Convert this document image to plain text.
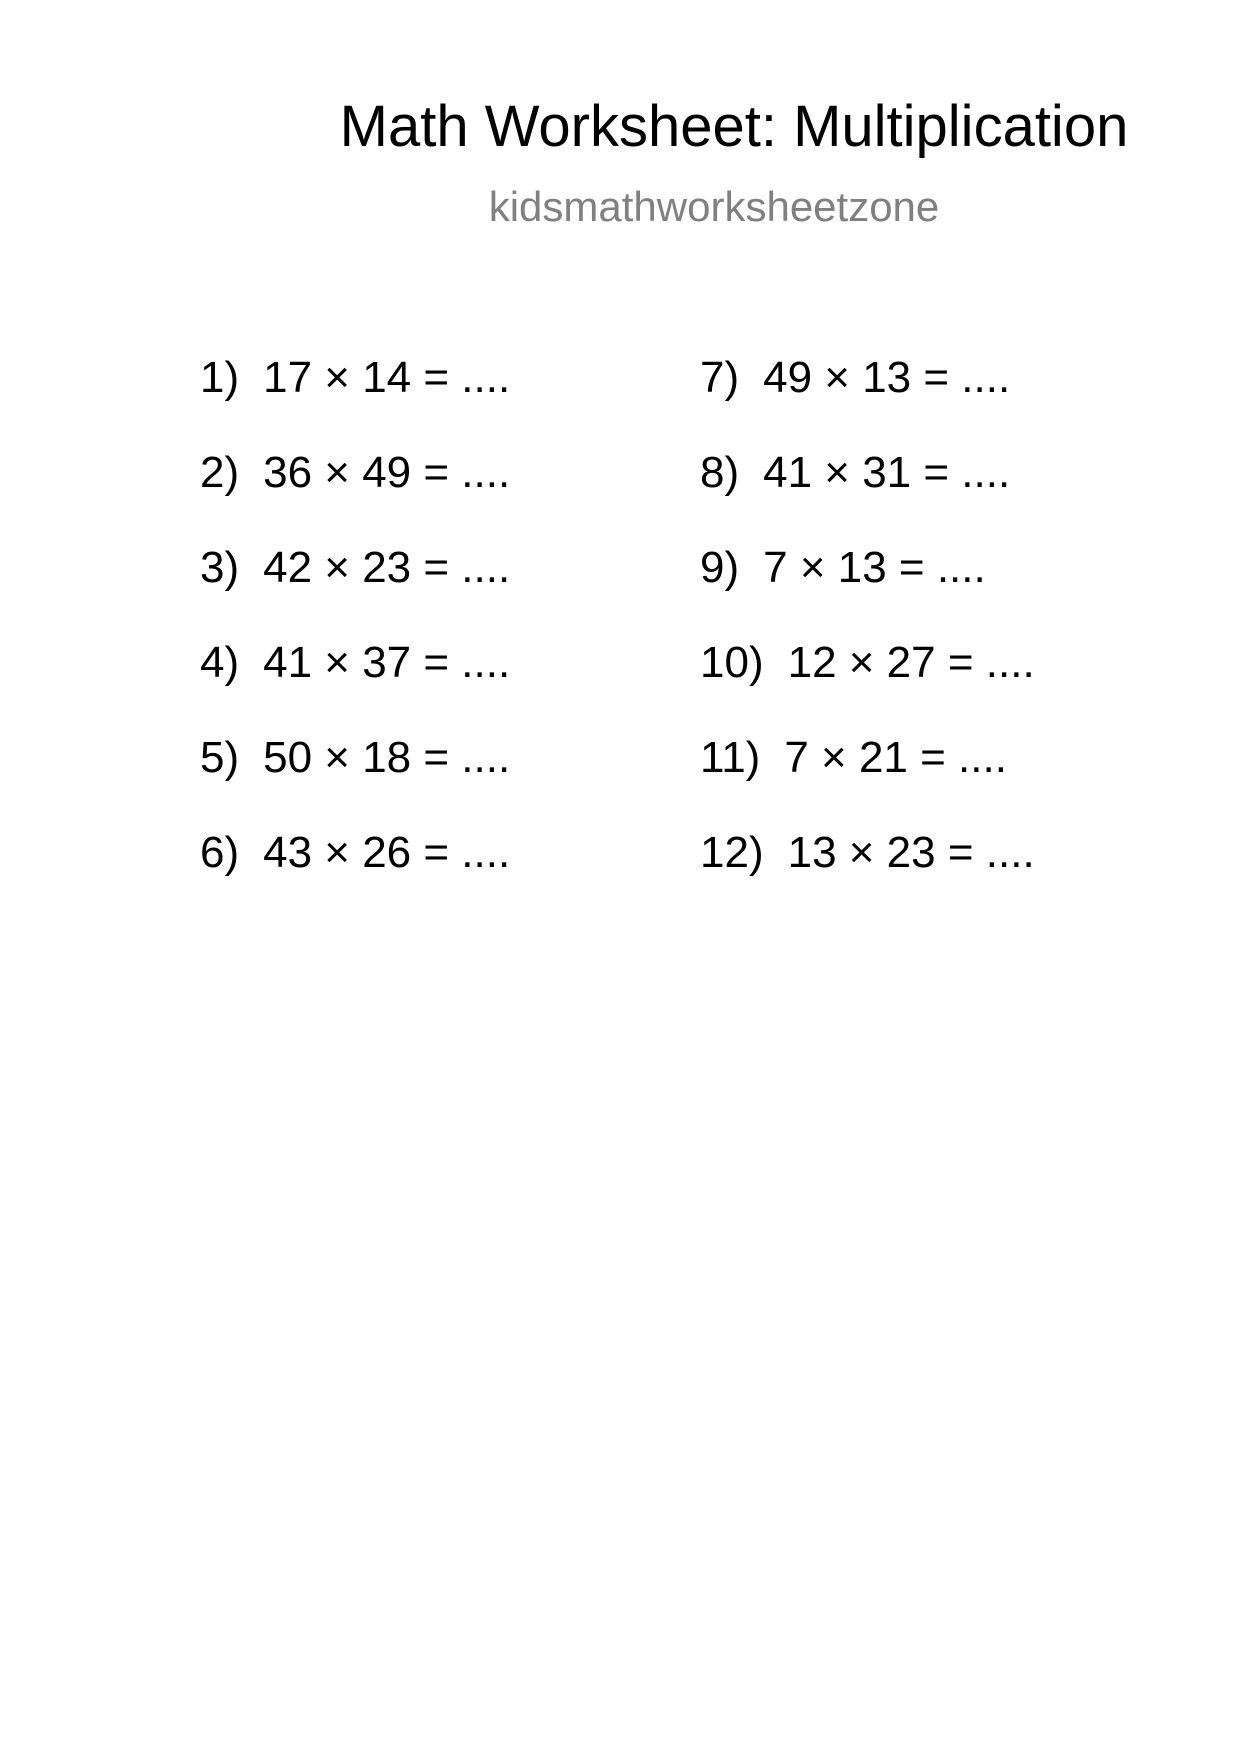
Math Worksheet: Multiplication
kidsmathworksheetzone
1) 17 × 14 = ....
2) 36 × 49 = ....
3) 42 × 23 = ....
4) 41 × 37 = ....
5) 50 × 18 = ....
6) 43 × 26 = ....
7) 49 × 13 = ....
8) 41 × 31 = ....
9) 7 × 13 = ....
10) 12 × 27 = ....
11) 7 × 21 = ....
12) 13 × 23 = ....
